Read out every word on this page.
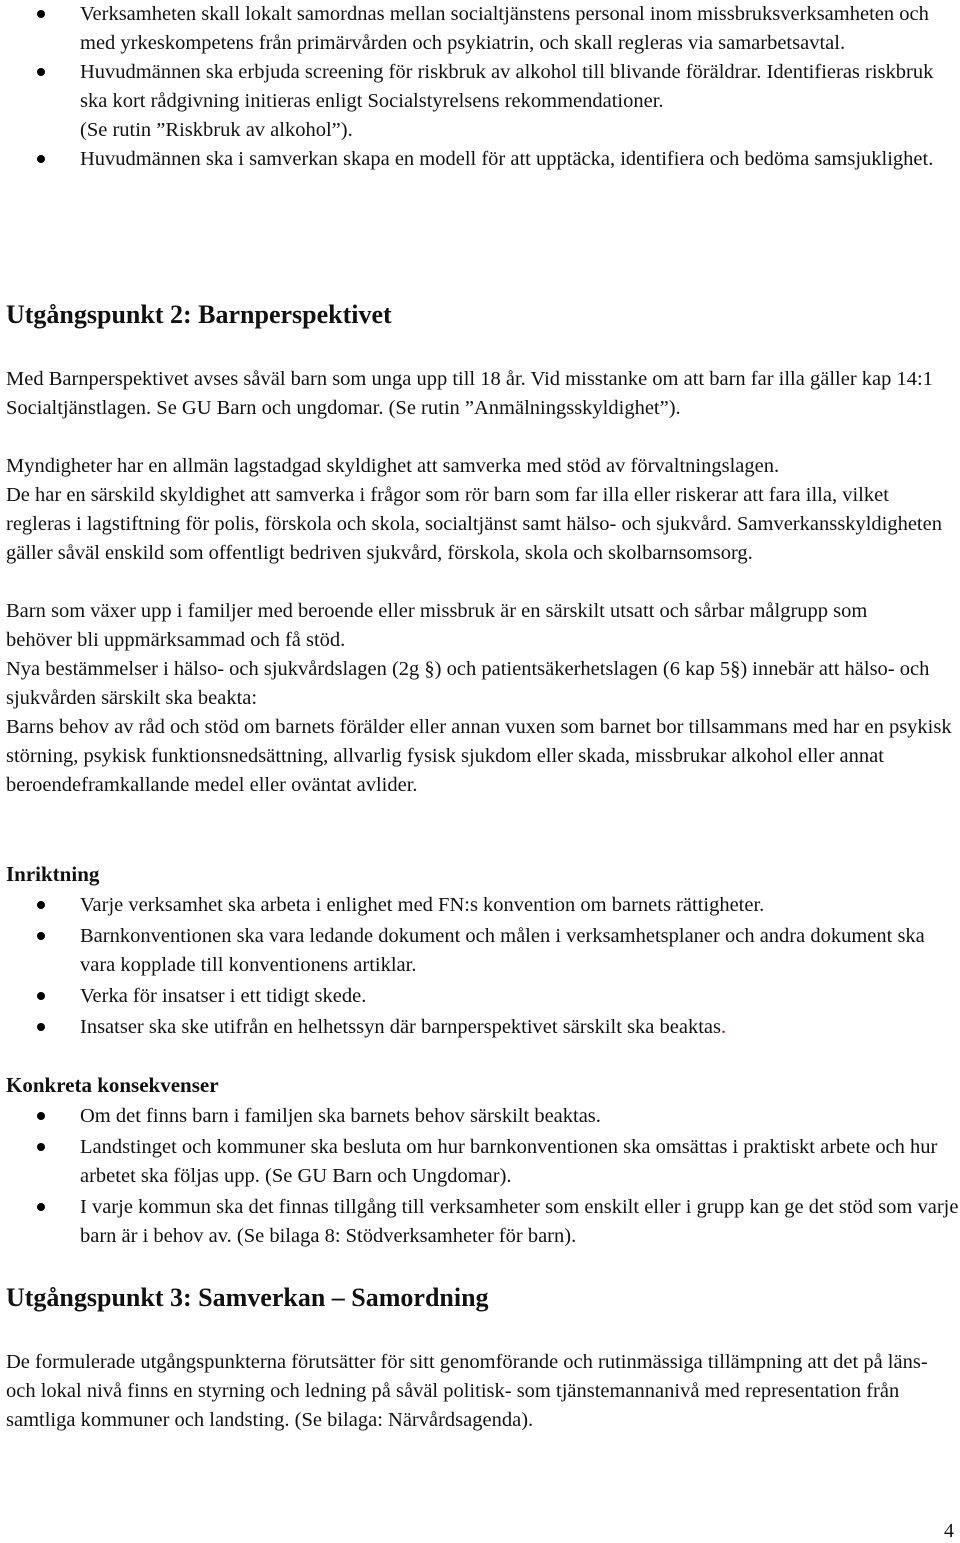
Verksamheten skall lokalt samordnas mellan socialtjänstens personal inom missbruksverksamheten och med yrkeskompetens från primärvården och psykiatrin, och skall regleras via samarbetsavtal.
Huvudmännen ska erbjuda screening för riskbruk av alkohol till blivande föräldrar. Identifieras riskbruk ska kort rådgivning initieras enligt Socialstyrelsens rekommendationer.
(Se rutin ”Riskbruk av alkohol”).
Huvudmännen ska i samverkan skapa en modell för att upptäcka, identifiera och bedöma samsjuklighet.
Utgångspunkt 2: Barnperspektivet

Med Barnperspektivet avses såväl barn som unga upp till 18 år. Vid misstanke om att barn far illa gäller kap 14:1 Socialtjänstlagen. Se GU Barn och ungdomar. (Se rutin ”Anmälningsskyldighet”).

Myndigheter har en allmän lagstadgad skyldighet att samverka med stöd av förvaltningslagen.

De har en särskild skyldighet att samverka i frågor som rör barn som far illa eller riskerar att fara illa, vilket regleras i lagstiftning för polis, förskola och skola, socialtjänst samt hälso- och sjukvård. Samverkansskyldigheten gäller såväl enskild som offentligt bedriven sjukvård, förskola, skola och skolbarnsomsorg.

Barn som växer upp i familjer med beroende eller missbruk är en särskilt utsatt och sårbar målgrupp som behöver bli uppmärksammad och få stöd.

Nya bestämmelser i hälso- och sjukvårdslagen (2g §) och patientsäkerhetslagen (6 kap 5§) innebär att hälso- och sjukvården särskilt ska beakta:

Barns behov av råd och stöd om barnets förälder eller annan vuxen som barnet bor tillsammans med har en psykisk störning, psykisk funktionsnedsättning, allvarlig fysisk sjukdom eller skada, missbrukar alkohol eller annat beroendeframkallande medel eller oväntat avlider.

Inriktning
Varje verksamhet ska arbeta i enlighet med FN:s konvention om barnets rättigheter.
Barnkonventionen ska vara ledande dokument och målen i verksamhetsplaner och andra dokument ska vara kopplade till konventionens artiklar.
Verka för insatser i ett tidigt skede.
Insatser ska ske utifrån en helhetssyn där barnperspektivet särskilt ska beaktas.
Konkreta konsekvenser
Om det finns barn i familjen ska barnets behov särskilt beaktas.
Landstinget och kommuner ska besluta om hur barnkonventionen ska omsättas i praktiskt arbete och hur arbetet ska följas upp. (Se GU Barn och Ungdomar).
I varje kommun ska det finnas tillgång till verksamheter som enskilt eller i grupp kan ge det stöd som varje barn är i behov av. (Se bilaga 8: Stödverksamheter för barn).
Utgångspunkt 3: Samverkan – Samordning

De formulerade utgångspunkterna förutsätter för sitt genomförande och rutinmässiga tillämpning att det på läns- och lokal nivå finns en styrning och ledning på såväl politisk- som tjänstemannanivå med representation från samtliga kommuner och landsting. (Se bilaga: Närvårdsagenda).

4
